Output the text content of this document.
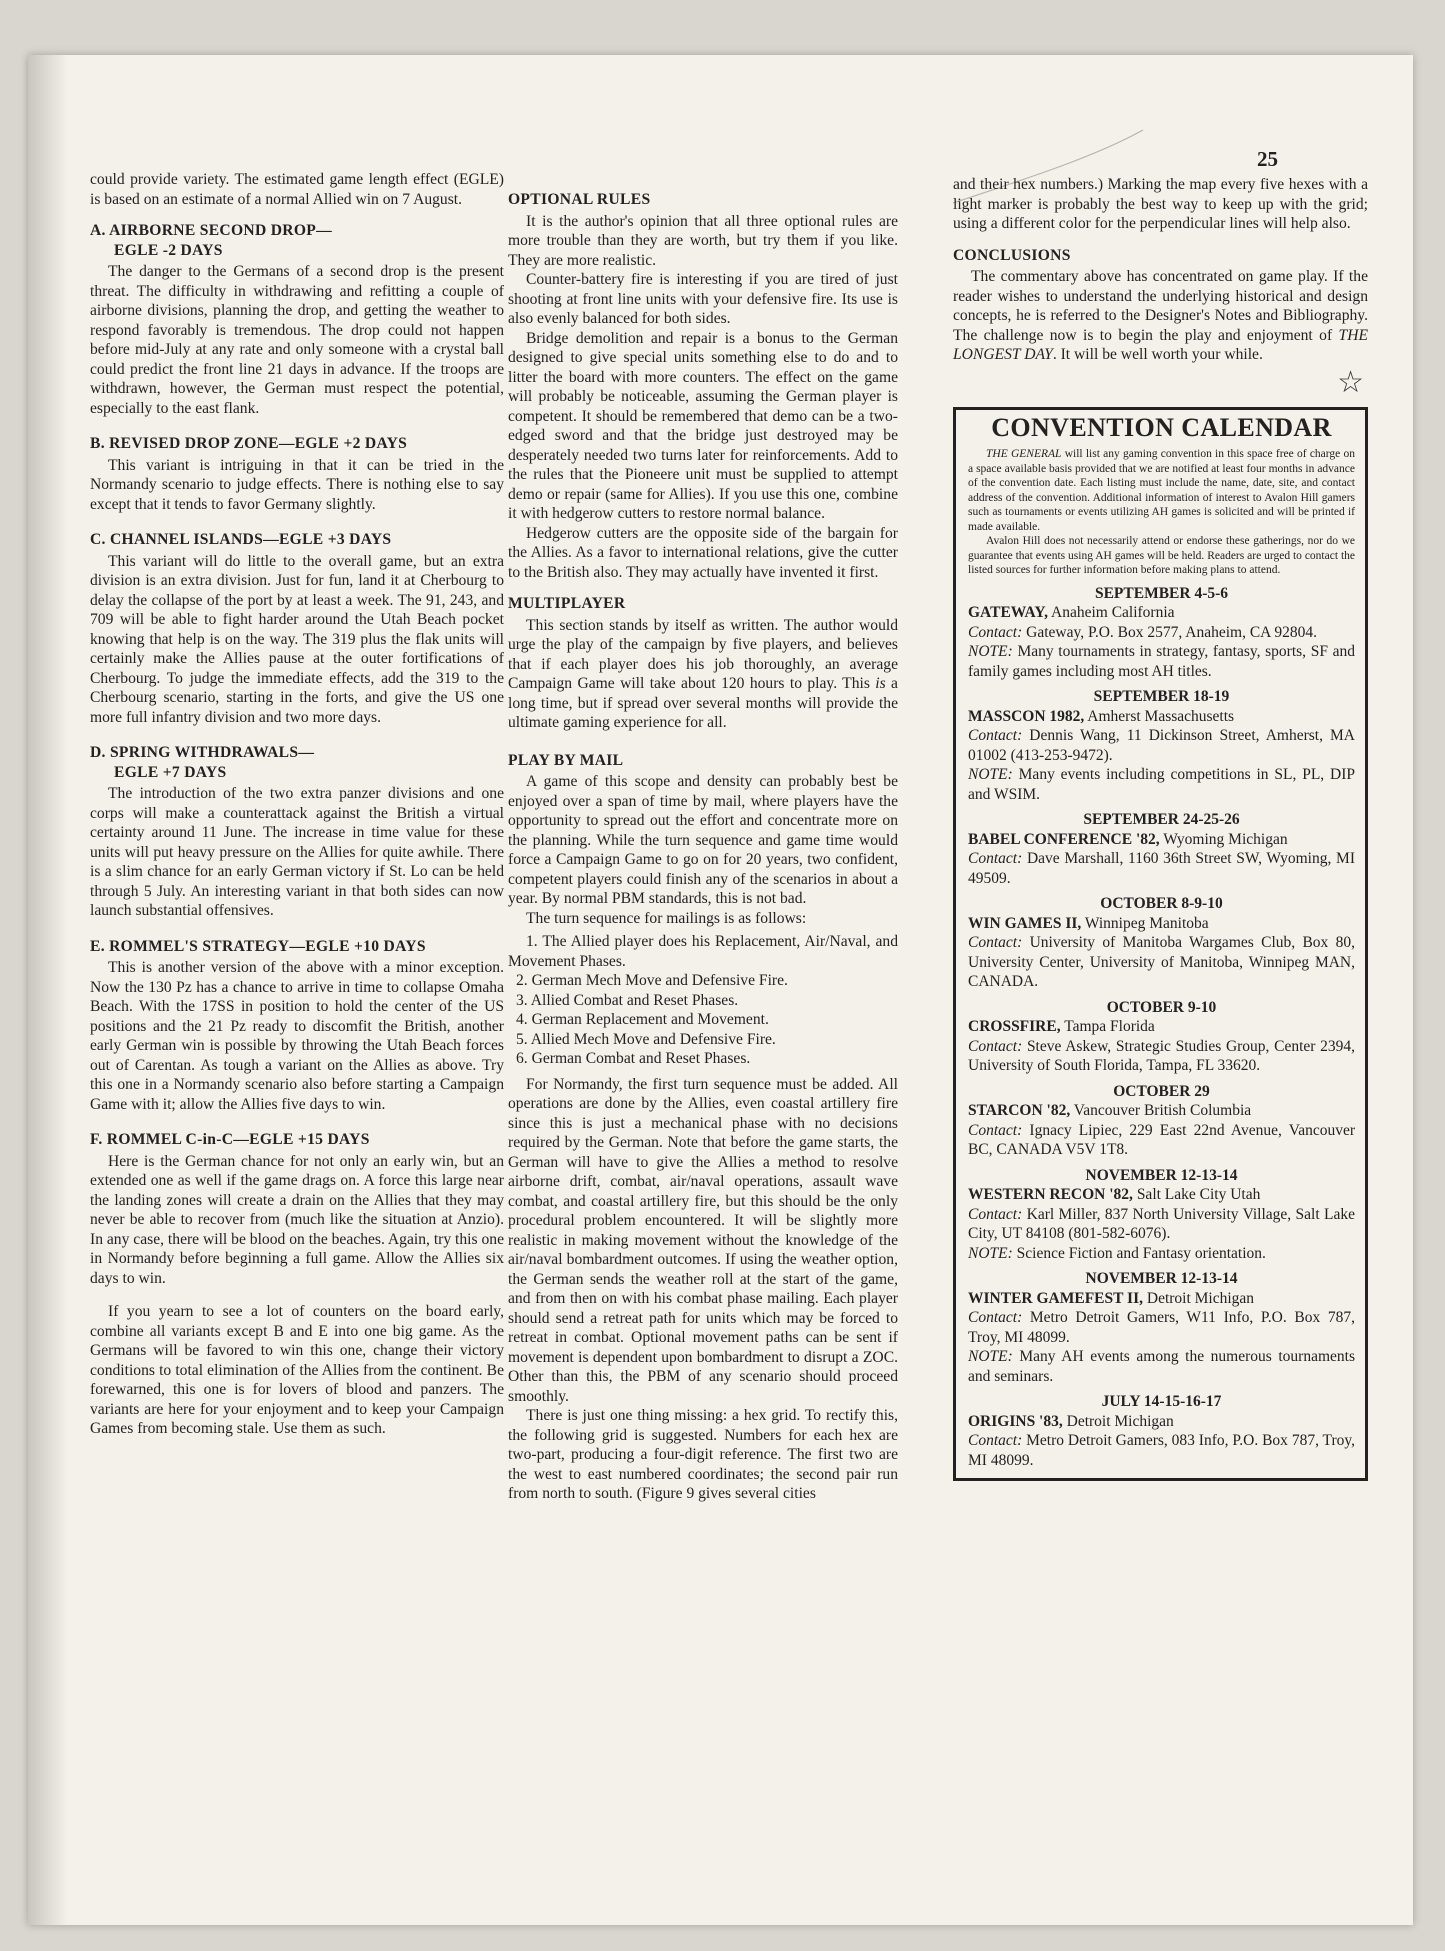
25

could provide variety. The estimated game length effect (EGLE) is based on an estimate of a normal Allied win on 7 August.

A. AIRBORNE SECOND DROP—
EGLE -2 DAYS

The danger to the Germans of a second drop is the present threat. The difficulty in withdrawing and refitting a couple of airborne divisions, planning the drop, and getting the weather to respond favorably is tremendous. The drop could not happen before mid-July at any rate and only someone with a crystal ball could predict the front line 21 days in advance. If the troops are withdrawn, however, the German must respect the potential, especially to the east flank.

B. REVISED DROP ZONE—EGLE +2 DAYS

This variant is intriguing in that it can be tried in the Normandy scenario to judge effects. There is nothing else to say except that it tends to favor Germany slightly.

C. CHANNEL ISLANDS—EGLE +3 DAYS

This variant will do little to the overall game, but an extra division is an extra division. Just for fun, land it at Cherbourg to delay the collapse of the port by at least a week. The 91, 243, and 709 will be able to fight harder around the Utah Beach pocket knowing that help is on the way. The 319 plus the flak units will certainly make the Allies pause at the outer fortifications of Cherbourg. To judge the immediate effects, add the 319 to the Cherbourg scenario, starting in the forts, and give the US one more full infantry division and two more days.

D. SPRING WITHDRAWALS—
EGLE +7 DAYS

The introduction of the two extra panzer divisions and one corps will make a counterattack against the British a virtual certainty around 11 June. The increase in time value for these units will put heavy pressure on the Allies for quite awhile. There is a slim chance for an early German victory if St. Lo can be held through 5 July. An interesting variant in that both sides can now launch substantial offensives.

E. ROMMEL'S STRATEGY—EGLE +10 DAYS

This is another version of the above with a minor exception. Now the 130 Pz has a chance to arrive in time to collapse Omaha Beach. With the 17SS in position to hold the center of the US positions and the 21 Pz ready to discomfit the British, another early German win is possible by throwing the Utah Beach forces out of Carentan. As tough a variant on the Allies as above. Try this one in a Normandy scenario also before starting a Campaign Game with it; allow the Allies five days to win.

F. ROMMEL C-in-C—EGLE +15 DAYS

Here is the German chance for not only an early win, but an extended one as well if the game drags on. A force this large near the landing zones will create a drain on the Allies that they may never be able to recover from (much like the situation at Anzio). In any case, there will be blood on the beaches. Again, try this one in Normandy before beginning a full game. Allow the Allies six days to win.

If you yearn to see a lot of counters on the board early, combine all variants except B and E into one big game. As the Germans will be favored to win this one, change their victory conditions to total elimination of the Allies from the continent. Be forewarned, this one is for lovers of blood and panzers. The variants are here for your enjoyment and to keep your Campaign Games from becoming stale. Use them as such.

OPTIONAL RULES

It is the author's opinion that all three optional rules are more trouble than they are worth, but try them if you like. They are more realistic.

Counter-battery fire is interesting if you are tired of just shooting at front line units with your defensive fire. Its use is also evenly balanced for both sides.

Bridge demolition and repair is a bonus to the German designed to give special units something else to do and to litter the board with more counters. The effect on the game will probably be noticeable, assuming the German player is competent. It should be remembered that demo can be a two-edged sword and that the bridge just destroyed may be desperately needed two turns later for reinforcements. Add to the rules that the Pioneere unit must be supplied to attempt demo or repair (same for Allies). If you use this one, combine it with hedgerow cutters to restore normal balance.

Hedgerow cutters are the opposite side of the bargain for the Allies. As a favor to international relations, give the cutter to the British also. They may actually have invented it first.

MULTIPLAYER

This section stands by itself as written. The author would urge the play of the campaign by five players, and believes that if each player does his job thoroughly, an average Campaign Game will take about 120 hours to play. This is a long time, but if spread over several months will provide the ultimate gaming experience for all.

PLAY BY MAIL

A game of this scope and density can probably best be enjoyed over a span of time by mail, where players have the opportunity to spread out the effort and concentrate more on the planning. While the turn sequence and game time would force a Campaign Game to go on for 20 years, two confident, competent players could finish any of the scenarios in about a year. By normal PBM standards, this is not bad.

The turn sequence for mailings is as follows:

1. The Allied player does his Replacement, Air/Naval, and Movement Phases.
2. German Mech Move and Defensive Fire.
3. Allied Combat and Reset Phases.
4. German Replacement and Movement.
5. Allied Mech Move and Defensive Fire.
6. German Combat and Reset Phases.

For Normandy, the first turn sequence must be added. All operations are done by the Allies, even coastal artillery fire since this is just a mechanical phase with no decisions required by the German. Note that before the game starts, the German will have to give the Allies a method to resolve airborne drift, combat, air/naval operations, assault wave combat, and coastal artillery fire, but this should be the only procedural problem encountered. It will be slightly more realistic in making movement without the knowledge of the air/naval bombardment outcomes. If using the weather option, the German sends the weather roll at the start of the game, and from then on with his combat phase mailing. Each player should send a retreat path for units which may be forced to retreat in combat. Optional movement paths can be sent if movement is dependent upon bombardment to disrupt a ZOC. Other than this, the PBM of any scenario should proceed smoothly.

There is just one thing missing: a hex grid. To rectify this, the following grid is suggested. Numbers for each hex are two-part, producing a four-digit reference. The first two are the west to east numbered coordinates; the second pair run from north to south. (Figure 9 gives several cities

and their hex numbers.) Marking the map every five hexes with a light marker is probably the best way to keep up with the grid; using a different color for the perpendicular lines will help also.

CONCLUSIONS

The commentary above has concentrated on game play. If the reader wishes to understand the underlying historical and design concepts, he is referred to the Designer's Notes and Bibliography. The challenge now is to begin the play and enjoyment of THE LONGEST DAY. It will be well worth your while.

☆
CONVENTION CALENDAR

THE GENERAL will list any gaming convention in this space free of charge on a space available basis provided that we are notified at least four months in advance of the convention date. Each listing must include the name, date, site, and contact address of the convention. Additional information of interest to Avalon Hill gamers such as tournaments or events utilizing AH games is solicited and will be printed if made available.

Avalon Hill does not necessarily attend or endorse these gatherings, nor do we guarantee that events using AH games will be held. Readers are urged to contact the listed sources for further information before making plans to attend.

SEPTEMBER 4-5-6
GATEWAY, Anaheim California
Contact: Gateway, P.O. Box 2577, Anaheim, CA 92804.
NOTE: Many tournaments in strategy, fantasy, sports, SF and family games including most AH titles.
SEPTEMBER 18-19
MASSCON 1982, Amherst Massachusetts
Contact: Dennis Wang, 11 Dickinson Street, Amherst, MA 01002 (413-253-9472).
NOTE: Many events including competitions in SL, PL, DIP and WSIM.
SEPTEMBER 24-25-26
BABEL CONFERENCE '82, Wyoming Michigan
Contact: Dave Marshall, 1160 36th Street SW, Wyoming, MI 49509.
OCTOBER 8-9-10
WIN GAMES II, Winnipeg Manitoba
Contact: University of Manitoba Wargames Club, Box 80, University Center, University of Manitoba, Winnipeg MAN, CANADA.
OCTOBER 9-10
CROSSFIRE, Tampa Florida
Contact: Steve Askew, Strategic Studies Group, Center 2394, University of South Florida, Tampa, FL 33620.
OCTOBER 29
STARCON '82, Vancouver British Columbia
Contact: Ignacy Lipiec, 229 East 22nd Avenue, Vancouver BC, CANADA V5V 1T8.
NOVEMBER 12-13-14
WESTERN RECON '82, Salt Lake City Utah
Contact: Karl Miller, 837 North University Village, Salt Lake City, UT 84108 (801-582-6076).
NOTE: Science Fiction and Fantasy orientation.
NOVEMBER 12-13-14
WINTER GAMEFEST II, Detroit Michigan
Contact: Metro Detroit Gamers, W11 Info, P.O. Box 787, Troy, MI 48099.
NOTE: Many AH events among the numerous tournaments and seminars.
JULY 14-15-16-17
ORIGINS '83, Detroit Michigan
Contact: Metro Detroit Gamers, 083 Info, P.O. Box 787, Troy, MI 48099.
